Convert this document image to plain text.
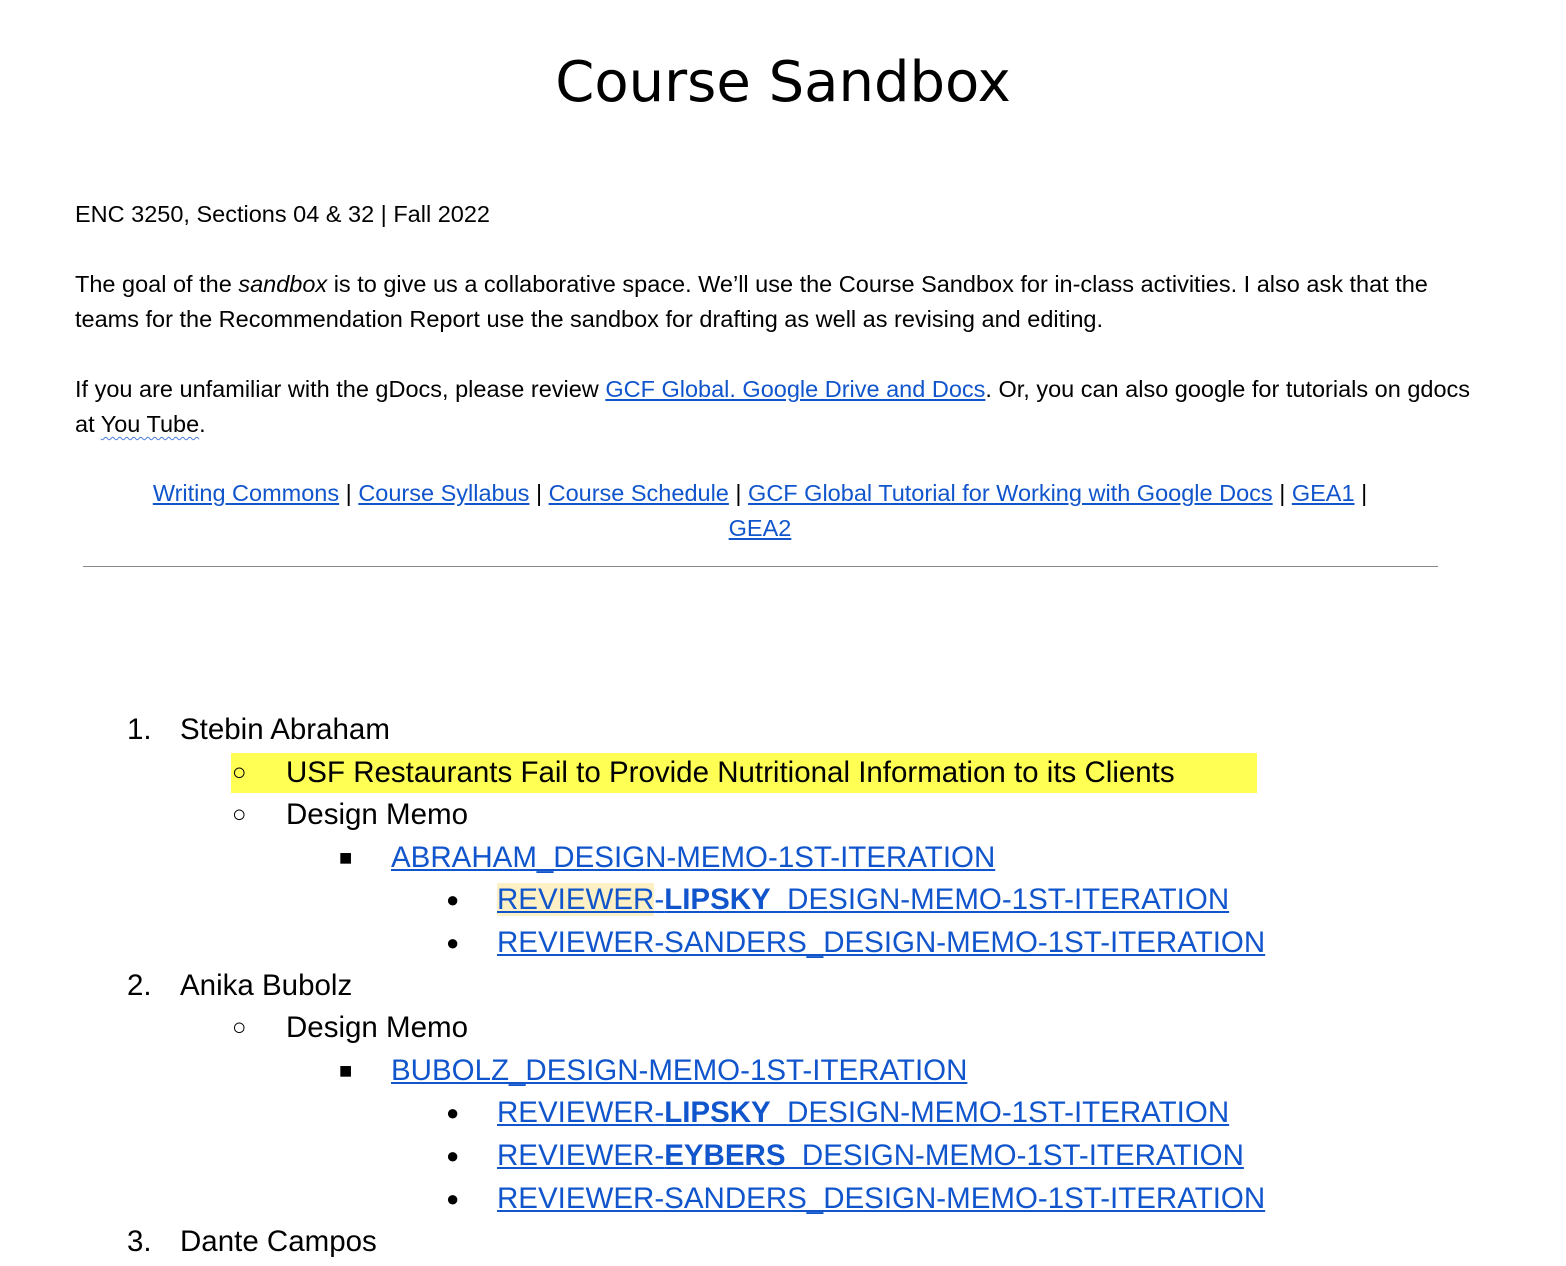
Course Sandbox

ENC 3250, Sections 04 & 32 | Fall 2022

The goal of the sandbox is to give us a collaborative space. We’ll use the Course Sandbox for in-class activities. I also ask that the teams for the Recommendation Report use the sandbox for drafting as well as revising and editing.

If you are unfamiliar with the gDocs, please review GCF Global. Google Drive and Docs. Or, you can also google for tutorials on gdocs at You Tube.

Writing Commons | Course Syllabus | Course Schedule | GCF Global Tutorial for Working with Google Docs | GEA1 |
GEA2

1. Stebin Abraham
○ USF Restaurants Fail to Provide Nutritional Information to its Clients
○ Design Memo
■ ABRAHAM_DESIGN-MEMO-1ST-ITERATION
● REVIEWER-LIPSKY_DESIGN-MEMO-1ST-ITERATION
● REVIEWER-SANDERS_DESIGN-MEMO-1ST-ITERATION
2. Anika Bubolz
○ Design Memo
■ BUBOLZ_DESIGN-MEMO-1ST-ITERATION
● REVIEWER-LIPSKY_DESIGN-MEMO-1ST-ITERATION
● REVIEWER-EYBERS_DESIGN-MEMO-1ST-ITERATION
● REVIEWER-SANDERS_DESIGN-MEMO-1ST-ITERATION
3. Dante Campos
